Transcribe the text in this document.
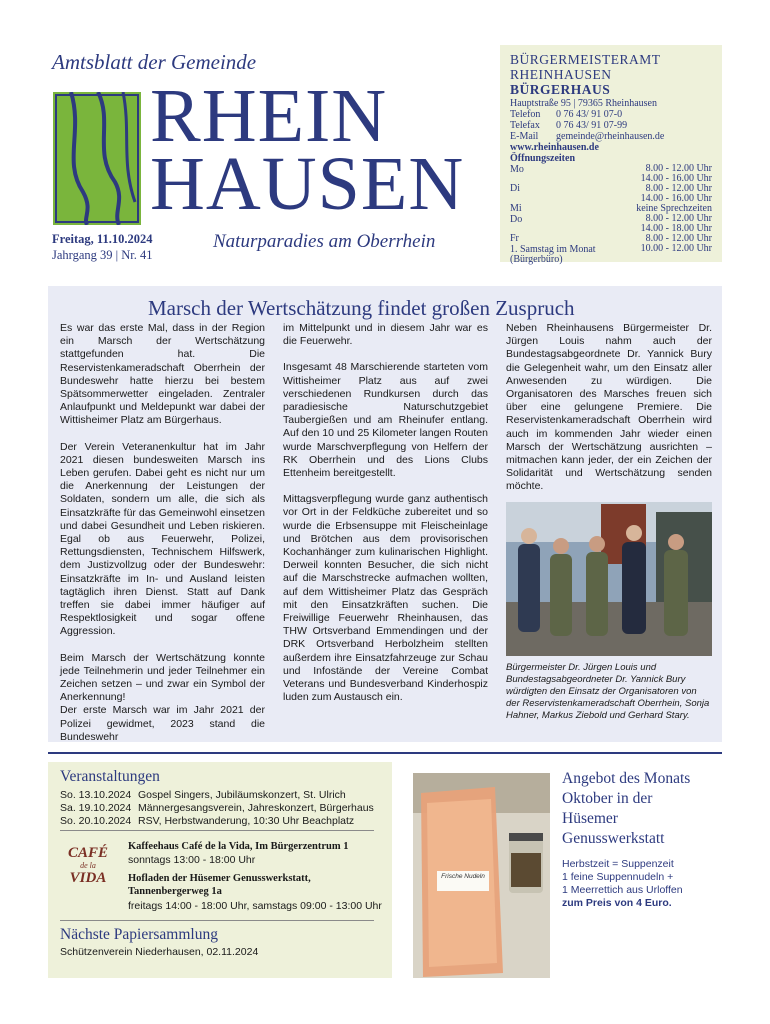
Amtsblatt der Gemeinde
RHEIN
HAUSEN
Freitag, 11.10.2024
Jahrgang 39 | Nr. 41
Naturparadies am Oberrhein
BÜRGERMEISTERAMT
RHEINHAUSEN
BÜRGERHAUS
Hauptstraße 95 | 79365 Rheinhausen
Telefon 0 76 43/ 91 07-0
Telefax 0 76 43/ 91 07-99
E-Mail gemeinde@rheinhausen.de
www.rheinhausen.de
Öffnungszeiten
Mo
Di
Mi
Do
Fr
1. Samstag im Monat
(Bürgerbüro)
8.00 - 12.00 Uhr
14.00 - 16.00 Uhr
8.00 - 12.00 Uhr
14.00 - 16.00 Uhr
keine Sprechzeiten
8.00 - 12.00 Uhr
14.00 - 18.00 Uhr
8.00 - 12.00 Uhr
10.00 - 12.00 Uhr
Marsch der Wertschätzung findet großen Zuspruch

Es war das erste Mal, dass in der Region ein Marsch der Wertschätzung stattgefunden hat. Die Reservistenkameradschaft Oberrhein der Bundeswehr hatte hierzu bei bestem Spätsommerwetter eingeladen. Zentraler Anlaufpunkt und Meldepunkt war dabei der Wittisheimer Platz am Bürgerhaus.

Der Verein Veteranenkultur hat im Jahr 2021 diesen bundesweiten Marsch ins Leben gerufen. Dabei geht es nicht nur um die Anerkennung der Leistungen der Soldaten, sondern um alle, die sich als Einsatzkräfte für das Gemeinwohl einsetzen und dabei Gesundheit und Leben riskieren. Egal ob aus Feuerwehr, Polizei, Rettungsdiensten, Technischem Hilfswerk, dem Justizvollzug oder der Bundeswehr: Einsatzkräfte im In- und Ausland leisten tagtäglich ihren Dienst. Statt auf Dank treffen sie dabei immer häufiger auf Respektlosigkeit und sogar offene Aggression.

Beim Marsch der Wertschätzung konnte jede Teilnehmerin und jeder Teilnehmer ein Zeichen setzen – und zwar ein Symbol der Anerkennung!

Der erste Marsch war im Jahr 2021 der Polizei gewidmet, 2023 stand die Bundeswehr

im Mittelpunkt und in diesem Jahr war es die Feuerwehr.

Insgesamt 48 Marschierende starteten vom Wittisheimer Platz aus auf zwei verschiedenen Rundkursen durch das paradiesische Naturschutzgebiet Taubergießen und am Rheinufer entlang. Auf den 10 und 25 Kilometer langen Routen wurde Marschverpflegung von Helfern der RK Oberrhein und des Lions Clubs Ettenheim bereitgestellt.

Mittagsverpflegung wurde ganz authentisch vor Ort in der Feldküche zubereitet und so wurde die Erbsensuppe mit Fleischeinlage und Brötchen aus dem provisorischen Kochanhänger zum kulinarischen Highlight. Derweil konnten Besucher, die sich nicht auf die Marschstrecke aufmachen wollten, auf dem Wittisheimer Platz das Gespräch mit den Einsatzkräften suchen. Die Freiwillige Feuerwehr Rheinhausen, das THW Ortsverband Emmendingen und der DRK Ortsverband Herbolzheim stellten außerdem ihre Einsatzfahrzeuge zur Schau und Infostände der Vereine Combat Veterans und Bundesverband Kinderhospiz luden zum Austausch ein.

Neben Rheinhausens Bürgermeister Dr. Jürgen Louis nahm auch der Bundestagsabgeordnete Dr. Yannick Bury die Gelegenheit wahr, um den Einsatz aller Anwesenden zu würdigen. Die Organisatoren des Marsches freuen sich über eine gelungene Premiere. Die Reservistenkameradschaft Oberrhein wird auch im kommenden Jahr wieder einen Marsch der Wertschätzung ausrichten – mitmachen kann jeder, der ein Zeichen der Solidarität und Wertschätzung senden möchte.

Bürgermeister Dr. Jürgen Louis und Bundestagsabgeordneter Dr. Yannick Bury würdigten den Einsatz der Organisatoren von der Reservistenkameradschaft Oberrhein, Sonja Hahner, Markus Ziebold und Gerhard Stary.
Veranstaltungen
So. 13.10.2024 Gospel Singers, Jubiläumskonzert, St. Ulrich
Sa. 19.10.2024 Männergesangsverein, Jahreskonzert, Bürgerhaus
So. 20.10.2024 RSV, Herbstwanderung, 10:30 Uhr Beachplatz
CAFÉ
de la
VIDA
Kaffeehaus Café de la Vida, Im Bürgerzentrum 1
sonntags 13:00 - 18:00 Uhr
Hofladen der Hüsemer Genusswerkstatt,
Tannenbergerweg 1a
freitags 14:00 - 18:00 Uhr, samstags 09:00 - 13:00 Uhr
Nächste Papiersammlung
Schützenverein Niederhausen, 02.11.2024
Frische Nudeln
Angebot des Monats
Oktober in der
Hüsemer
Genusswerkstatt
Herbstzeit = Suppenzeit
1 feine Suppennudeln +
1 Meerrettich aus Urloffen
zum Preis von 4 Euro.
